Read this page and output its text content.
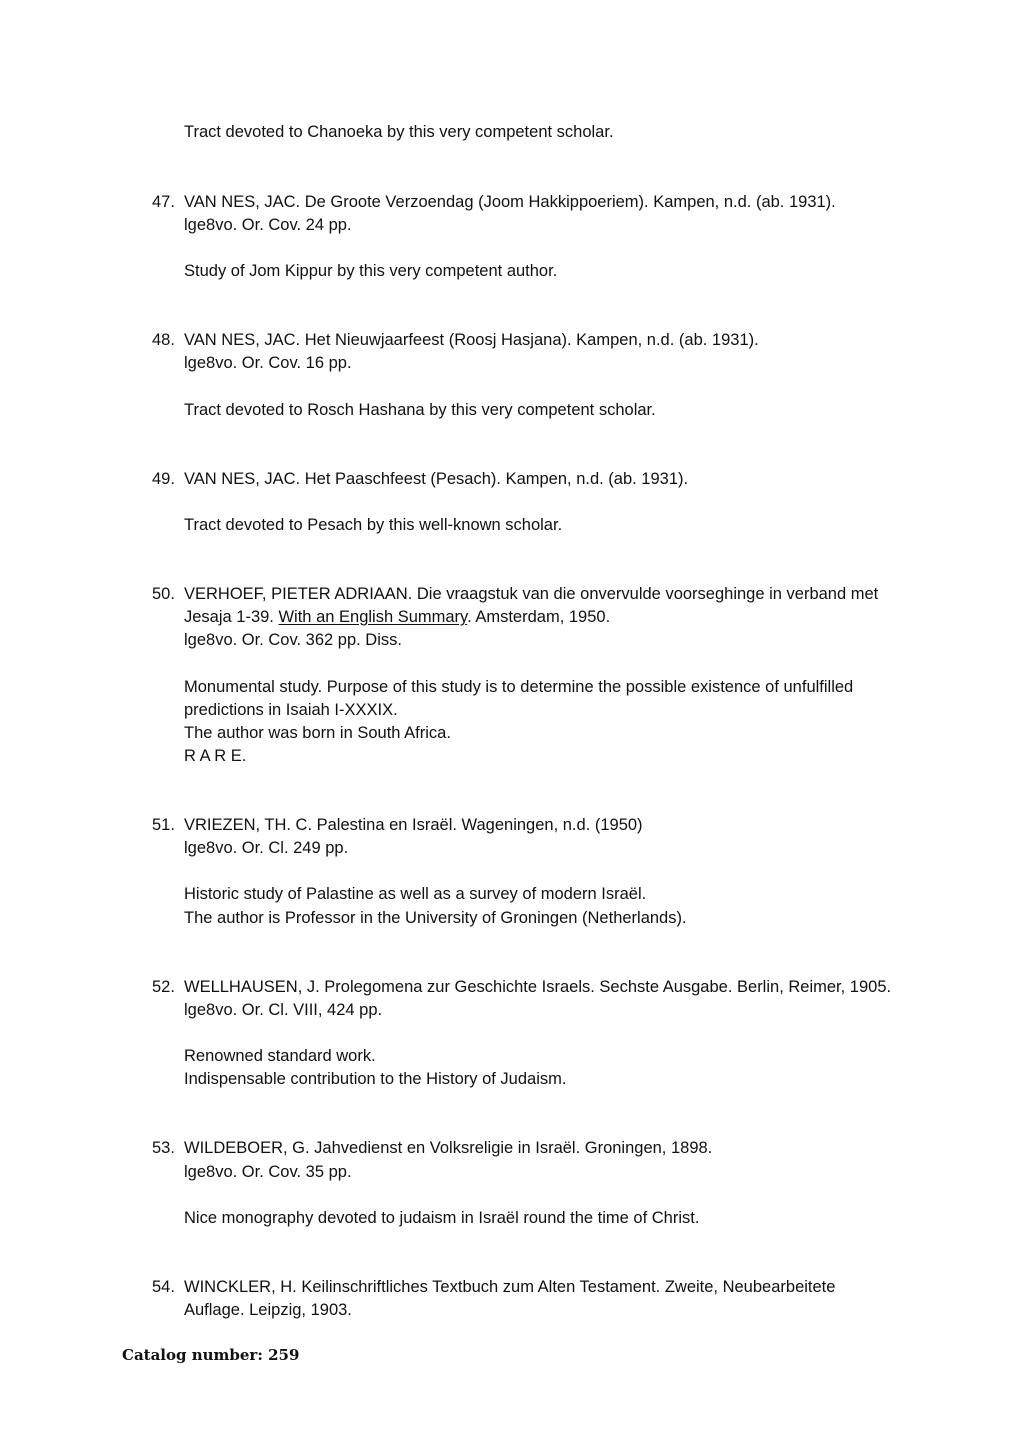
Tract devoted to Chanoeka by this very competent scholar.
47. VAN NES, JAC. De Groote Verzoendag (Joom Hakkippoeriem). Kampen, n.d. (ab. 1931).
lge8vo. Or. Cov. 24 pp.
Study of Jom Kippur by this very competent author.
48. VAN NES, JAC. Het Nieuwjaarfeest (Roosj Hasjana). Kampen, n.d. (ab. 1931).
lge8vo. Or. Cov. 16 pp.
Tract devoted to Rosch Hashana by this very competent scholar.
49. VAN NES, JAC. Het Paaschfeest (Pesach). Kampen, n.d. (ab. 1931).
Tract devoted to Pesach by this well-known scholar.
50. VERHOEF, PIETER ADRIAAN. Die vraagstuk van die onvervulde voorseghinge in verband met
Jesaja 1-39. With an English Summary. Amsterdam, 1950.
lge8vo. Or. Cov. 362 pp. Diss.
Monumental study. Purpose of this study is to determine the possible existence of unfulfilled
predictions in Isaiah I-XXXIX.
The author was born in South Africa.
R A R E.
51. VRIEZEN, TH. C. Palestina en Israël. Wageningen, n.d. (1950)
lge8vo. Or. Cl. 249 pp.
Historic study of Palastine as well as a survey of modern Israël.
The author is Professor in the University of Groningen (Netherlands).
52. WELLHAUSEN, J. Prolegomena zur Geschichte Israels. Sechste Ausgabe. Berlin, Reimer, 1905.
lge8vo. Or. Cl. VIII, 424 pp.
Renowned standard work.
Indispensable contribution to the History of Judaism.
53. WILDEBOER, G. Jahvedienst en Volksreligie in Israël. Groningen, 1898.
lge8vo. Or. Cov. 35 pp.
Nice monography devoted to judaism in Israël round the time of Christ.
54. WINCKLER, H. Keilinschriftliches Textbuch zum Alten Testament. Zweite, Neubearbeitete
Auflage. Leipzig, 1903.
Catalog number: 259
